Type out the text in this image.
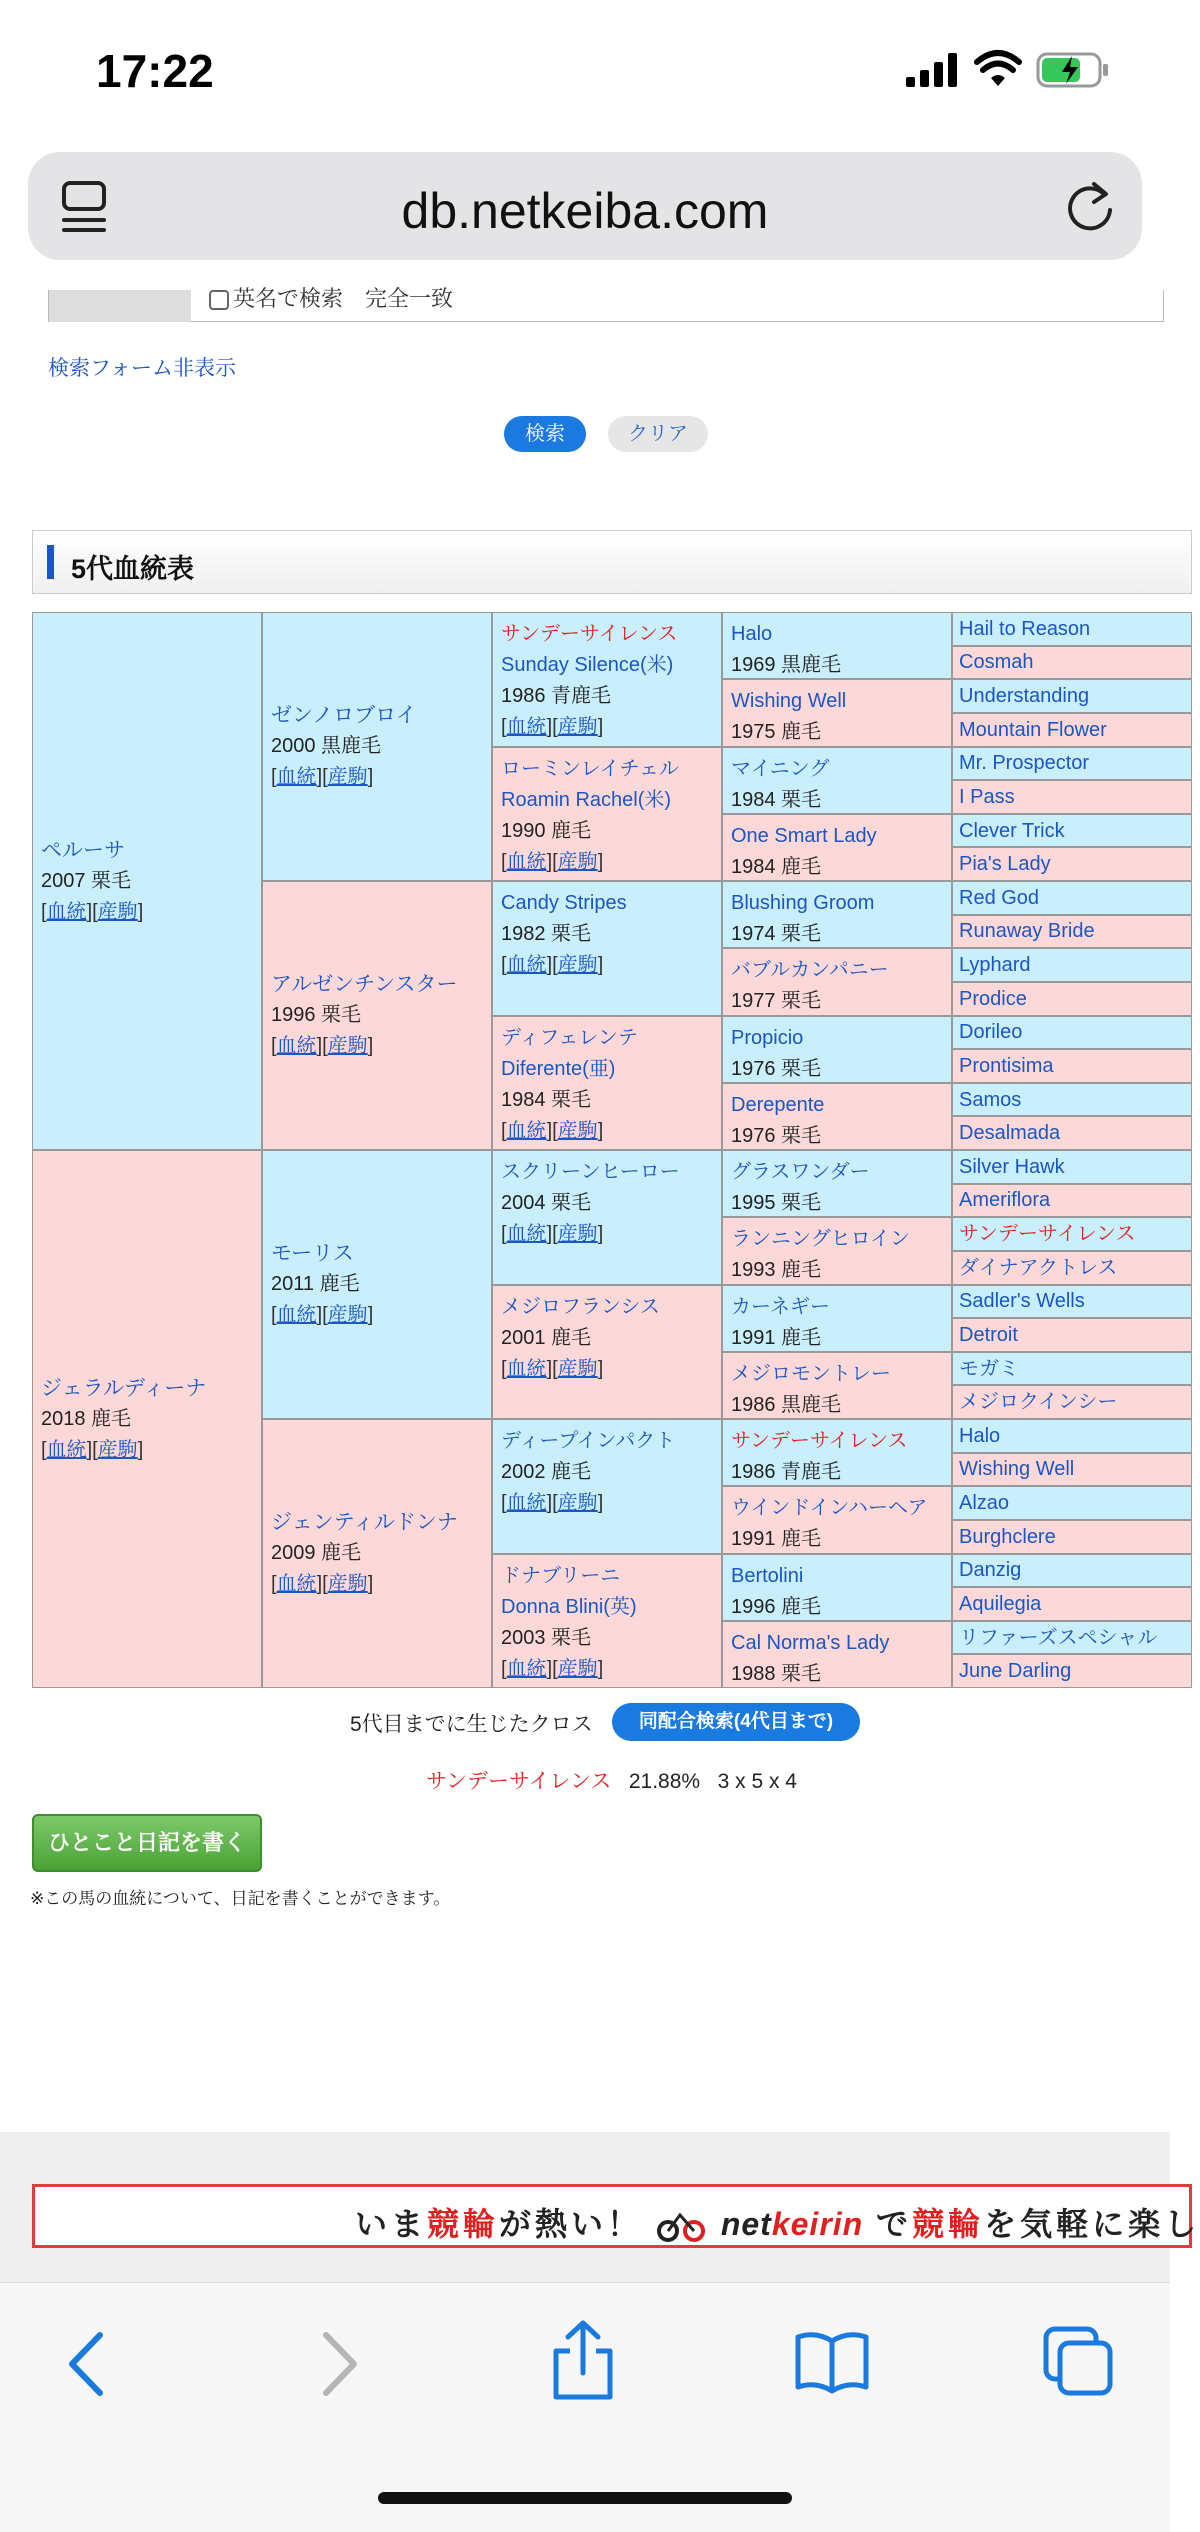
17:22
db.netkeiba.com
英名で検索　完全一致
検索フォーム非表示
検索	クリア
5代血統表
ペルーサ
2007 栗毛
[血統][産駒]
ジェラルディーナ
2018 鹿毛
[血統][産駒]
ゼンノロブロイ
2000 黒鹿毛
[血統][産駒]
アルゼンチンスター
1996 栗毛
[血統][産駒]
モーリス
2011 鹿毛
[血統][産駒]
ジェンティルドンナ
2009 鹿毛
[血統][産駒]
サンデーサイレンス
Sunday Silence(米)
1986 青鹿毛
[血統][産駒]
ローミンレイチェル
Roamin Rachel(米)
1990 鹿毛
[血統][産駒]
Candy Stripes
1982 栗毛
[血統][産駒]
ディフェレンテ
Diferente(亜)
1984 栗毛
[血統][産駒]
スクリーンヒーロー
2004 栗毛
[血統][産駒]
メジロフランシス
2001 鹿毛
[血統][産駒]
ディープインパクト
2002 鹿毛
[血統][産駒]
ドナブリーニ
Donna Blini(英)
2003 栗毛
[血統][産駒]
Halo
1969 黒鹿毛
Wishing Well
1975 鹿毛
マイニング
1984 栗毛
One Smart Lady
1984 鹿毛
Blushing Groom
1974 栗毛
バブルカンパニー
1977 栗毛
Propicio
1976 栗毛
Derepente
1976 栗毛
グラスワンダー
1995 栗毛
ランニングヒロイン
1993 鹿毛
カーネギー
1991 鹿毛
メジロモントレー
1986 黒鹿毛
サンデーサイレンス
1986 青鹿毛
ウインドインハーヘア
1991 鹿毛
Bertolini
1996 鹿毛
Cal Norma's Lady
1988 栗毛
Hail to Reason
Cosmah
Understanding
Mountain Flower
Mr. Prospector
I Pass
Clever Trick
Pia's Lady
Red God
Runaway Bride
Lyphard
Prodice
Dorileo
Prontisima
Samos
Desalmada
Silver Hawk
Ameriflora
サンデーサイレンス
ダイナアクトレス
Sadler's Wells
Detroit
モガミ
メジロクインシー
Halo
Wishing Well
Alzao
Burghclere
Danzig
Aquilegia
リファーズスペシャル
June Darling
5代目までに生じたクロス	同配合検索(4代目まで)
サンデーサイレンス 21.88% 3 x 5 x 4
ひとこと日記を書く
※この馬の血統について、日記を書くことができます。
いま競輪が熱い！ netkeirin で競輪を気軽に楽し
